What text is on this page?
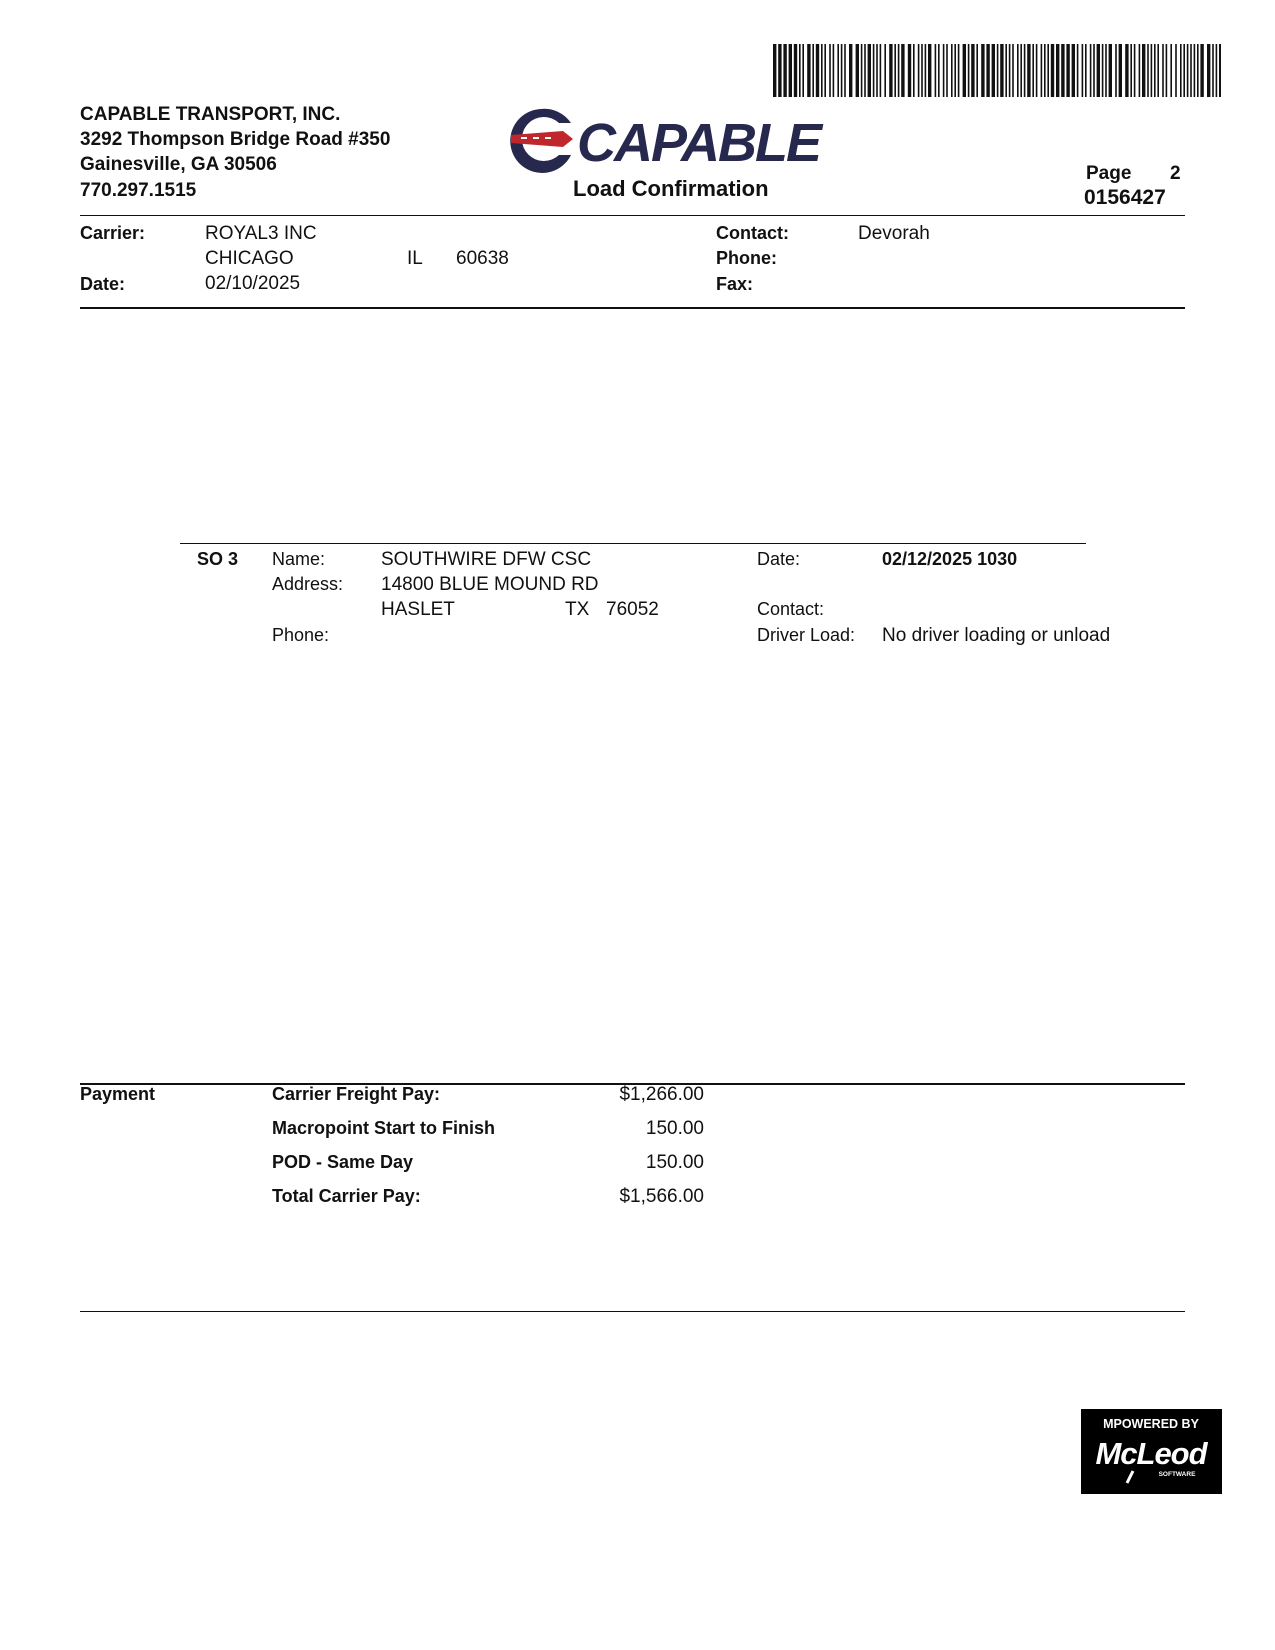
CAPABLE TRANSPORT, INC.
3292 Thompson Bridge Road #350
Gainesville, GA 30506
770.297.1515
CAPABLE
Load Confirmation
Page 2
0156427
Carrier:	ROYAL3 INC
CHICAGO	IL 60638
Date:	02/10/2025
Contact:	Devorah
Phone:
Fax:
SO 3 Name:	SOUTHWIRE DFW CSC
Address: 14800 BLUE MOUND RD
HASLET	TX 76052
Phone:
Date:	02/12/2025 1030
Contact:
Driver Load: No driver loading or unload
Payment	Carrier Freight Pay:	$1,266.00
Macropoint Start to Finish	150.00
POD - Same Day	150.00
Total Carrier Pay:	$1,566.00
MPOWERED BY
McLeod
SOFTWARE
